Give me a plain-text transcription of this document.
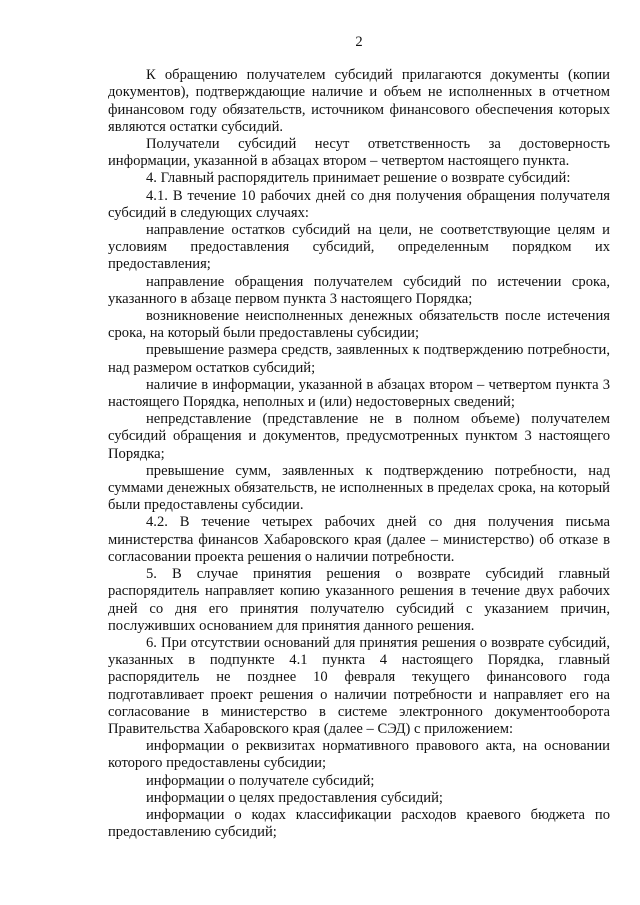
2

К обращению получателем субсидий прилагаются документы (копии документов), подтверждающие наличие и объем не исполненных в отчетном финансовом году обязательств, источником финансового обеспечения которых являются остатки субсидий.

Получатели субсидий несут ответственность за достоверность информации, указанной в абзацах втором – четвертом настоящего пункта.

4. Главный распорядитель принимает решение о возврате субсидий:

4.1. В течение 10 рабочих дней со дня получения обращения получателя субсидий в следующих случаях:

направление остатков субсидий на цели, не соответствующие целям и условиям предоставления субсидий, определенным порядком их предоставления;

направление обращения получателем субсидий по истечении срока, указанного в абзаце первом пункта 3 настоящего Порядка;

возникновение неисполненных денежных обязательств после истечения срока, на который были предоставлены субсидии;

превышение размера средств, заявленных к подтверждению потребности, над размером остатков субсидий;

наличие в информации, указанной в абзацах втором – четвертом пункта 3 настоящего Порядка, неполных и (или) недостоверных сведений;

непредставление (представление не в полном объеме) получателем субсидий обращения и документов, предусмотренных пунктом 3 настоящего Порядка;

превышение сумм, заявленных к подтверждению потребности, над суммами денежных обязательств, не исполненных в пределах срока, на который были предоставлены субсидии.

4.2. В течение четырех рабочих дней со дня получения письма министерства финансов Хабаровского края (далее – министерство) об отказе в согласовании проекта решения о наличии потребности.

5. В случае принятия решения о возврате субсидий главный распорядитель направляет копию указанного решения в течение двух рабочих дней со дня его принятия получателю субсидий с указанием причин, послуживших основанием для принятия данного решения.

6. При отсутствии оснований для принятия решения о возврате субсидий, указанных в подпункте 4.1 пункта 4 настоящего Порядка, главный распорядитель не позднее 10 февраля текущего финансового года подготавливает проект решения о наличии потребности и направляет его на согласование в министерство в системе электронного документооборота Правительства Хабаровского края (далее – СЭД) с приложением:

информации о реквизитах нормативного правового акта, на основании которого предоставлены субсидии;

информации о получателе субсидий;

информации о целях предоставления субсидий;

информации о кодах классификации расходов краевого бюджета по предоставлению субсидий;
